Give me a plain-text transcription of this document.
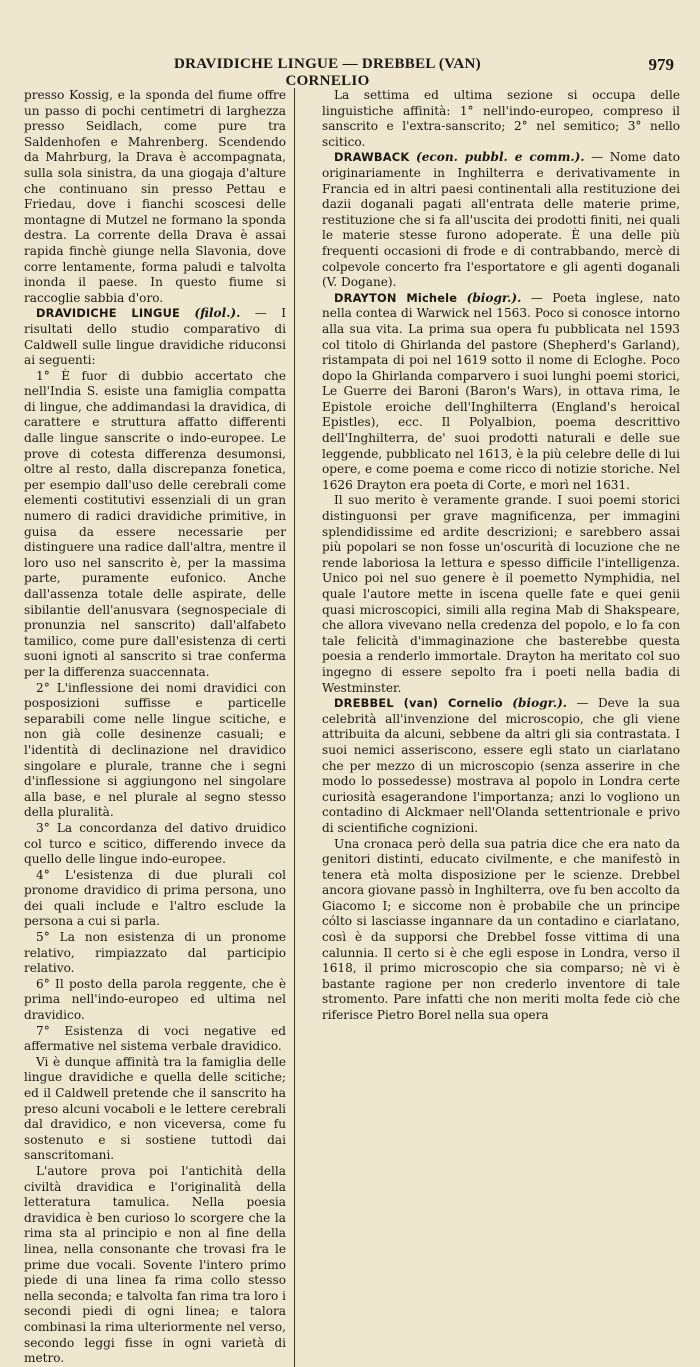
DRAVIDICHE LINGUE — DREBBEL (VAN) CORNELIO
979

presso Kossig, e la sponda del fiume offre un passo di pochi centimetri di larghezza presso Seidlach, come pure tra Saldenhofen e Mahrenberg. Scendendo da Mahrburg, la Drava è accompagnata, sulla sola sinistra, da una giogaja d'alture che continuano sin presso Pettau e Friedau, dove i fianchi scoscesi delle montagne di Mutzel ne formano la sponda destra. La corrente della Drava è assai rapida finchè giunge nella Slavonia, dove corre lentamente, forma paludi e talvolta inonda il paese. In questo fiume si raccoglie sabbia d'oro.

DRAVIDICHE LINGUE (filol.). — I risultati dello studio comparativo di Caldwell sulle lingue dravidiche riduconsi ai seguenti:

1° È fuor di dubbio accertato che nell'India S. esiste una famiglia compatta di lingue, che addimandasi la dravidica, di carattere e struttura affatto differenti dalle lingue sanscrite o indo-europee. Le prove di cotesta differenza desumonsi, oltre al resto, dalla discrepanza fonetica, per esempio dall'uso delle cerebrali come elementi costitutivi essenziali di un gran numero di radici dravidiche primitive, in guisa da essere necessarie per distinguere una radice dall'altra, mentre il loro uso nel sanscrito è, per la massima parte, puramente eufonico. Anche dall'assenza totale delle aspirate, delle sibilantie dell'anusvara (segnospeciale di pronunzia nel sanscrito) dall'alfabeto tamilico, come pure dall'esistenza di certi suoni ignoti al sanscrito si trae conferma per la differenza suaccennata.

2° L'inflessione dei nomi dravidici con posposizioni suffisse e particelle separabili come nelle lingue scitiche, e non già colle desinenze casuali; e l'identità di declinazione nel dravidico singolare e plurale, tranne che i segni d'inflessione si aggiungono nel singolare alla base, e nel plurale al segno stesso della pluralità.

3° La concordanza del dativo druidico col turco e scitico, differendo invece da quello delle lingue indo-europee.

4° L'esistenza di due plurali col pronome dravidico di prima persona, uno dei quali include e l'altro esclude la persona a cui si parla.

5° La non esistenza di un pronome relativo, rimpiazzato dal participio relativo.

6° Il posto della parola reggente, che è prima nell'indo-europeo ed ultima nel dravidico.

7° Esistenza di voci negative ed affermative nel sistema verbale dravidico.

Vi è dunque affinità tra la famiglia delle lingue dravidiche e quella delle scitiche; ed il Caldwell pretende che il sanscrito ha preso alcuni vocaboli e le lettere cerebrali dal dravidico, e non viceversa, come fu sostenuto e si sostiene tuttodì dai sanscritomani.

L'autore prova poi l'antichità della civiltà dravidica e l'originalità della letteratura tamulica. Nella poesia dravidica è ben curioso lo scorgere che la rima sta al principio e non al fine della linea, nella consonante che trovasi fra le prime due vocali. Sovente l'intero primo piede di una linea fa rima collo stesso nella seconda; e talvolta fan rima tra loro i secondi piedi di ogni linea; e talora combinasi la rima ulteriormente nel verso, secondo leggi fisse in ogni varietà di metro.

La settima ed ultima sezione si occupa delle linguistiche affinità: 1° nell'indo-europeo, compreso il sanscrito e l'extra-sanscrito; 2° nel semitico; 3° nello scitico.

DRAWBACK (econ. pubbl. e comm.). — Nome dato originariamente in Inghilterra e derivativamente in Francia ed in altri paesi continentali alla restituzione dei dazii doganali pagati all'entrata delle materie prime, restituzione che si fa all'uscita dei prodotti finiti, nei quali le materie stesse furono adoperate. È una delle più frequenti occasioni di frode e di contrabbando, mercè di colpevole concerto fra l'esportatore e gli agenti doganali (V. Dogane).

DRAYTON Michele (biogr.). — Poeta inglese, nato nella contea di Warwick nel 1563. Poco si conosce intorno alla sua vita. La prima sua opera fu pubblicata nel 1593 col titolo di Ghirlanda del pastore (Shepherd's Garland), ristampata di poi nel 1619 sotto il nome di Ecloghe. Poco dopo la Ghirlanda comparvero i suoi lunghi poemi storici, Le Guerre dei Baroni (Baron's Wars), in ottava rima, le Epistole eroiche dell'Inghilterra (England's heroical Epistles), ecc. Il Polyalbion, poema descrittivo dell'Inghilterra, de' suoi prodotti naturali e delle sue leggende, pubblicato nel 1613, è la più celebre delle di lui opere, e come poema e come ricco di notizie storiche. Nel 1626 Drayton era poeta di Corte, e morì nel 1631.

Il suo merito è veramente grande. I suoi poemi storici distinguonsi per grave magnificenza, per immagini splendidissime ed ardite descrizioni; e sarebbero assai più popolari se non fosse un'oscurità di locuzione che ne rende laboriosa la lettura e spesso difficile l'intelligenza. Unico poi nel suo genere è il poemetto Nymphidia, nel quale l'autore mette in iscena quelle fate e quei genii quasi microscopici, simili alla regina Mab di Shakspeare, che allora vivevano nella credenza del popolo, e lo fa con tale felicità d'immaginazione che basterebbe questa poesia a renderlo immortale. Drayton ha meritato col suo ingegno di essere sepolto fra i poeti nella badia di Westminster.

DREBBEL (van) Cornelio (biogr.). — Deve la sua celebrità all'invenzione del microscopio, che gli viene attribuita da alcuni, sebbene da altri gli sia contrastata. I suoi nemici asseriscono, essere egli stato un ciarlatano che per mezzo di un microscopio (senza asserire in che modo lo possedesse) mostrava al popolo in Londra certe curiosità esagerandone l'importanza; anzi lo vogliono un contadino di Alckmaer nell'Olanda settentrionale e privo di scientifiche cognizioni.

Una cronaca però della sua patria dice che era nato da genitori distinti, educato civilmente, e che manifestò in tenera età molta disposizione per le scienze. Drebbel ancora giovane passò in Inghilterra, ove fu ben accolto da Giacomo I; e siccome non è probabile che un principe cólto si lasciasse ingannare da un contadino e ciarlatano, così è da supporsi che Drebbel fosse vittima di una calunnia. Il certo si è che egli espose in Londra, verso il 1618, il primo microscopio che sia comparso; nè vi è bastante ragione per non crederlo inventore di tale stromento. Pare infatti che non meriti molta fede ciò che riferisce Pietro Borel nella sua opera
